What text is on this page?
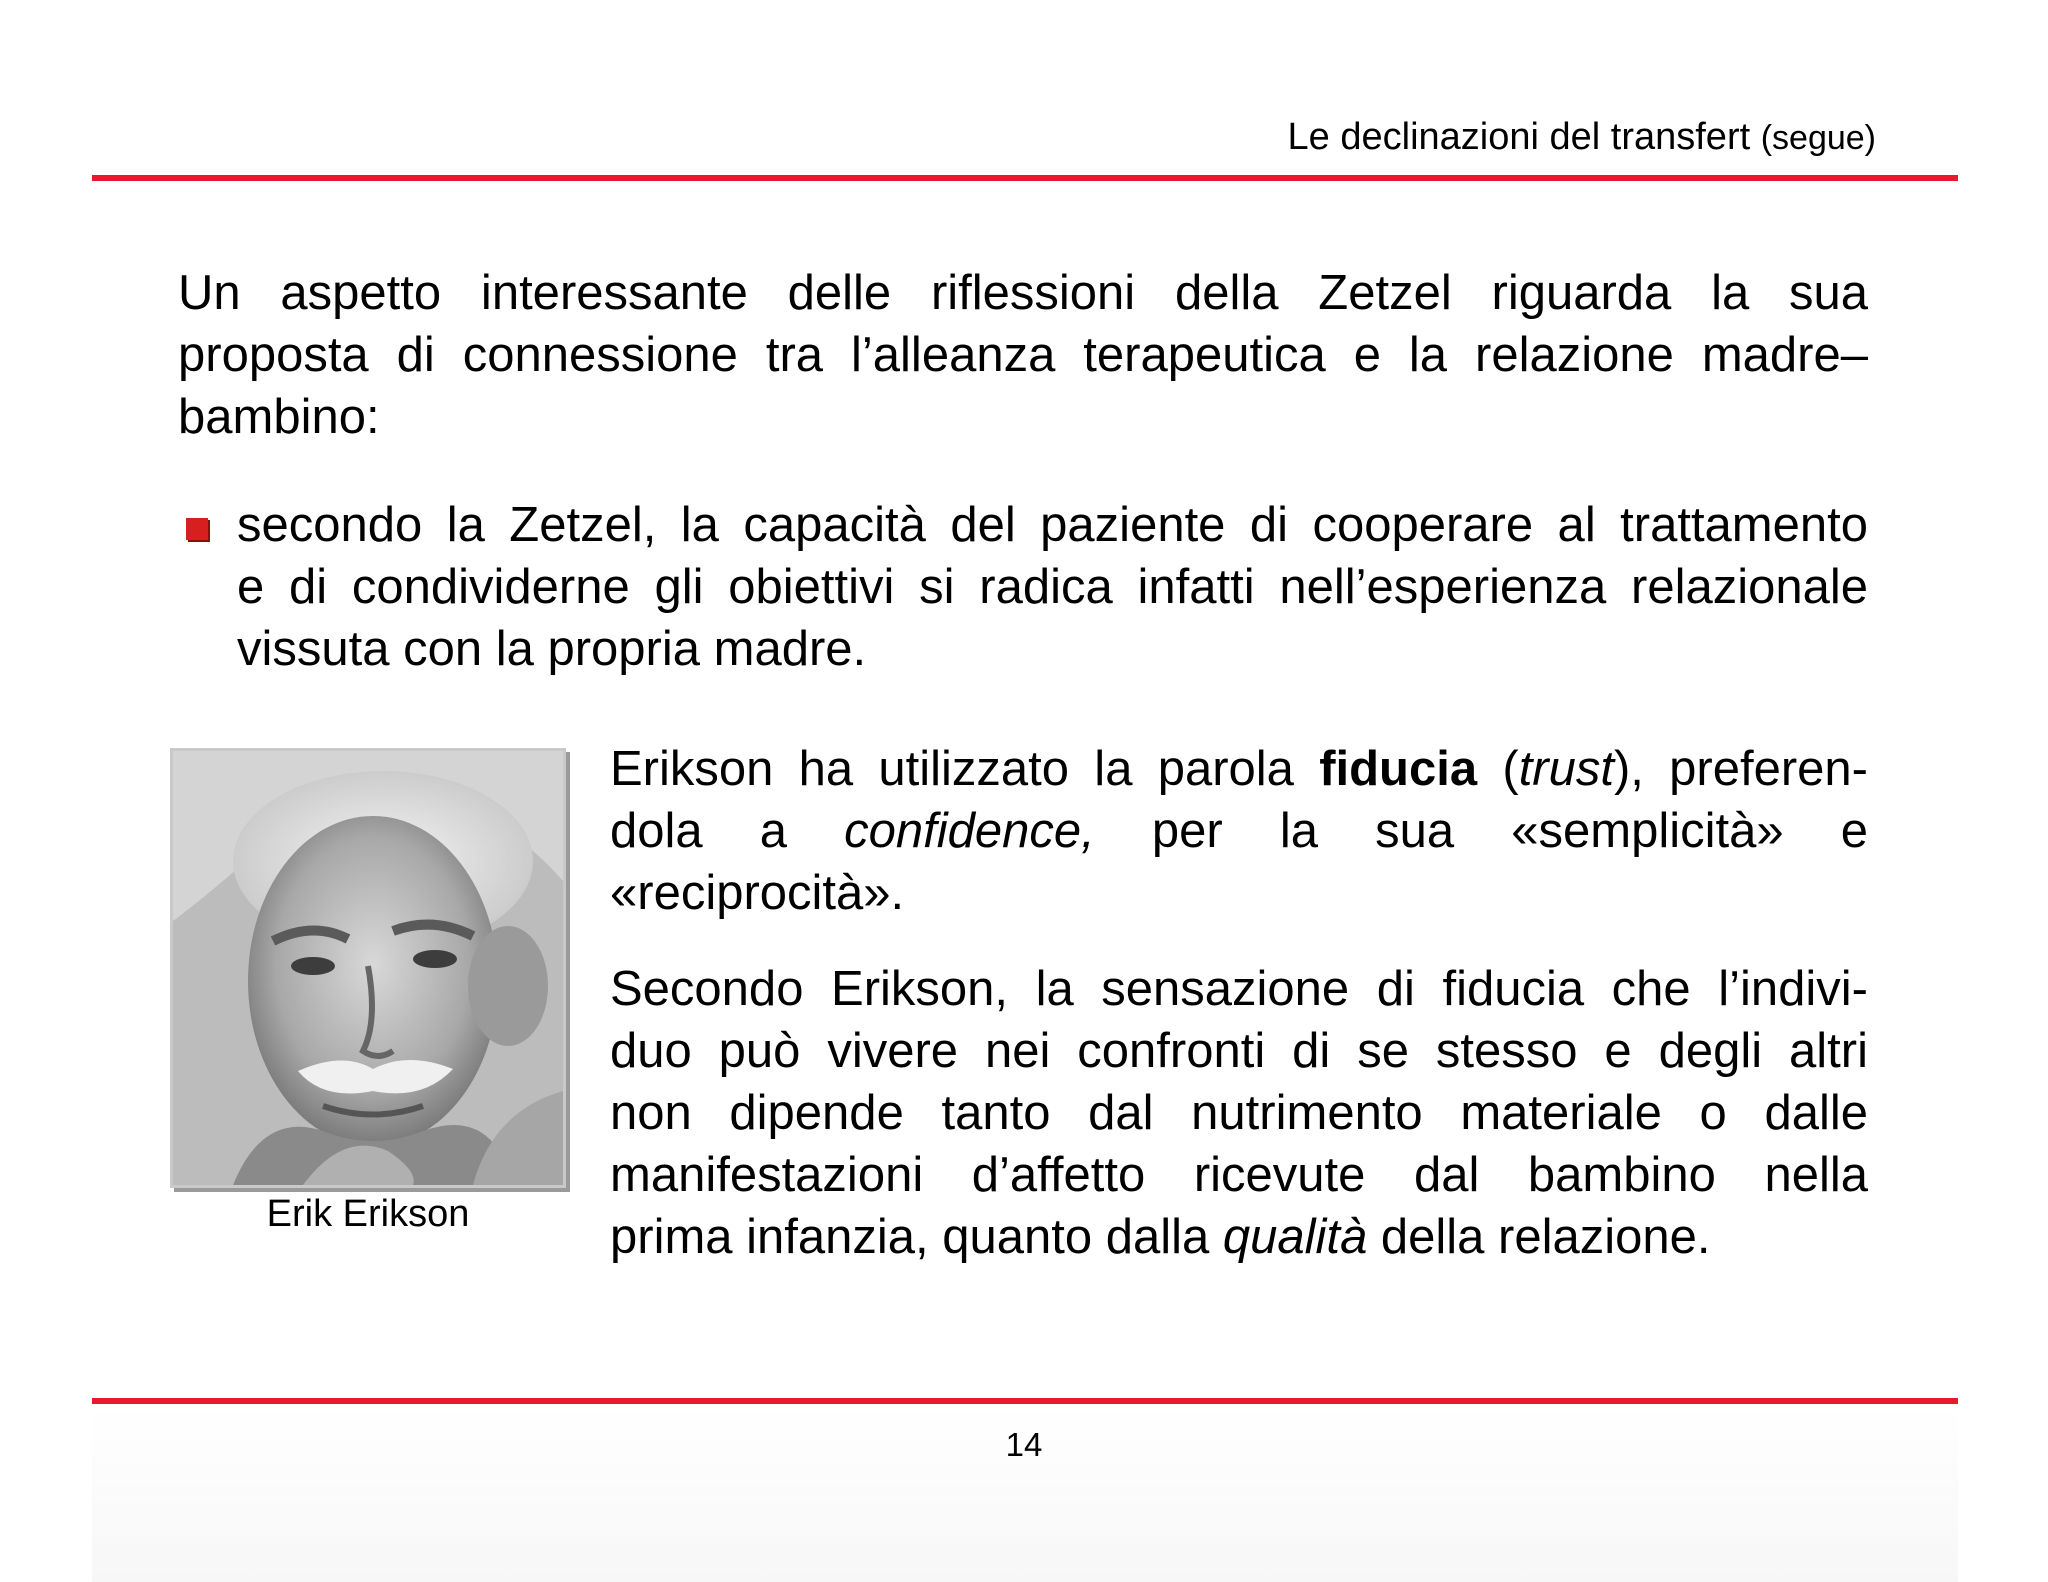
Le declinazioni del transfert (segue)
Un aspetto interessante delle riflessioni della Zetzel riguarda la sua
proposta di connessione tra l’alleanza terapeutica e la relazione madre–
bambino:
secondo la Zetzel, la capacità del paziente di cooperare al trattamento
e di condividerne gli obiettivi si radica infatti nell’esperienza relazionale
vissuta con la propria madre.
Erik Erikson

Erikson ha utilizzato la parola fiducia (trust), preferen-
dola a confidence, per la sua «semplicità» e
«reciprocità».

Secondo Erikson, la sensazione di fiducia che l’indivi-
duo può vivere nei confronti di se stesso e degli altri
non dipende tanto dal nutrimento materiale o dalle
manifestazioni d’affetto ricevute dal bambino nella
prima infanzia, quanto dalla qualità della relazione.

14
